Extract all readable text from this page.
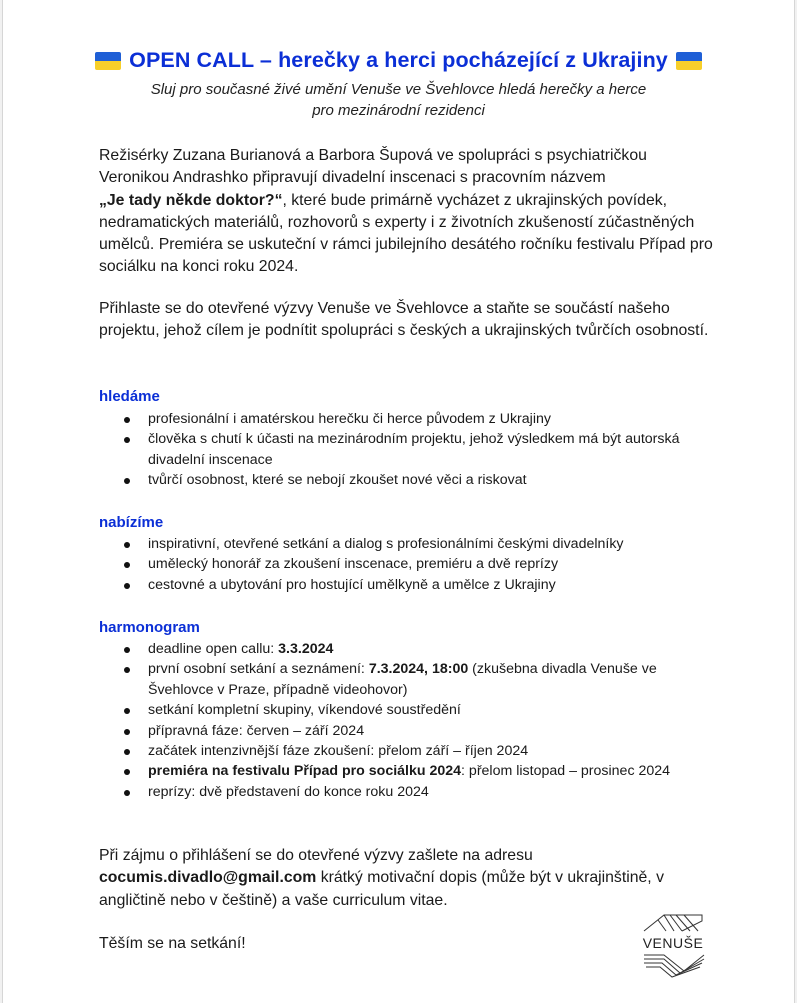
OPEN CALL – herečky a herci pocházející z Ukrajiny
Sluj pro současné živé umění Venuše ve Švehlovce hledá herečky a herce
pro mezinárodní rezidenci
Režisérky Zuzana Burianová a Barbora Šupová ve spolupráci s psychiatričkou Veronikou Andrashko připravují divadelní inscenaci s pracovním názvem
„Je tady někde doktor?“, které bude primárně vycházet z ukrajinských povídek, nedramatických materiálů, rozhovorů s experty i z životních zkušeností zúčastněných umělců. Premiéra se uskuteční v rámci jubilejního desátého ročníku festivalu Případ pro sociálku na konci roku 2024.
Přihlaste se do otevřené výzvy Venuše ve Švehlovce a staňte se součástí našeho projektu, jehož cílem je podnítit spolupráci s českých a ukrajinských tvůrčích osobností.
hledáme
profesionální i amatérskou herečku či herce původem z Ukrajiny
člověka s chutí k účasti na mezinárodním projektu, jehož výsledkem má být autorská divadelní inscenace
tvůrčí osobnost, které se nebojí zkoušet nové věci a riskovat
nabízíme
inspirativní, otevřené setkání a dialog s profesionálními českými divadelníky
umělecký honorář za zkoušení inscenace, premiéru a dvě reprízy
cestovné a ubytování pro hostující umělkyně a umělce z Ukrajiny
harmonogram
deadline open callu: 3.3.2024
první osobní setkání a seznámení: 7.3.2024, 18:00 (zkušebna divadla Venuše ve Švehlovce v Praze, případně videohovor)
setkání kompletní skupiny, víkendové soustředění
přípravná fáze: červen – září 2024
začátek intenzivnější fáze zkoušení: přelom září – říjen 2024
premiéra na festivalu Případ pro sociálku 2024: přelom listopad – prosinec 2024
reprízy: dvě představení do konce roku 2024
Při zájmu o přihlášení se do otevřené výzvy zašlete na adresu
cocumis.divadlo@gmail.com krátký motivační dopis (může být v ukrajinštině, v angličtině nebo v češtině) a vaše curriculum vitae.
Těším se na setkání!	VENUŠE
